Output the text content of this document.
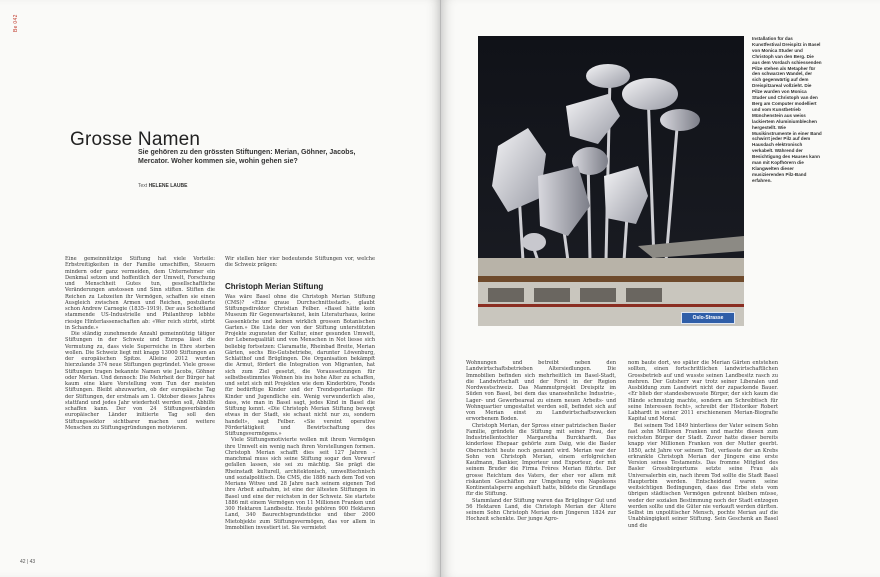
Be 042
Grosse Namen
Sie gehören zu den grössten Stiftungen: Merian, Göhner, Jacobs, Mercator. Woher kommen sie, wohin gehen sie?
Text HELENE LAUBE

Eine gemeinnützige Stiftung hat viele Vorteile: Erbstreitigkeiten in der Familie umschiffen, Steuern mindern oder ganz vermeiden, dem Unternehmer ein Denkmal setzen und hoffentlich der Umwelt, Forschung und Menschheit Gutes tun, gesellschaftliche Veränderungen anstossen und Sinn stiften. Stiften die Reichen zu Lebzeiten ihr Vermögen, schaffen sie einen Ausgleich zwischen Armen und Reichen, postulierte schon Andrew Carnegie (1835–1919). Der aus Schottland stammende US-Industrielle und Philanthrop lebhte riesige Hinterlassenschaften ab: «Wer reich stirbt, stirbt in Schande.»

Die ständig zunehmende Anzahl gemeinnützig tätiger Stiftungen in der Schweiz und Europa lässt die Vermutung zu, dass viele Superreiche in Ehre sterben wollen. Die Schweiz liegt mit knapp 13000 Stiftungen an der europäischen Spitze. Alleine 2012 wurden hierzulande 374 neue Stiftungen gegründet. Viele grosse Stiftungen tragen bekannte Namen wie Jacobs, Göhner oder Merian. Und dennoch: Die Mehrheit der Bürger hat kaum eine klare Vorstellung vom Tun der meisten Stiftungen. Bleibt abzuwarten, ob der europäische Tag der Stiftungen, der erstmals am 1. Oktober dieses Jahres stattfand und jedes Jahr wiederholt werden soll, Abhilfe schaffen kann. Der von 24 Stiftungsverbänden europäischer Länder initiierte Tag soll den Stiftungssektor sichtbarer machen und weitere Menschen zu Stiftungsgründungen motivieren.

Wir stellen hier vier bedeutende Stiftungen vor, welche die Schweiz prägen:

Christoph Merian Stiftung

Was wäre Basel ohne die Christoph Merian Stiftung (CMS)? «Eine graue Durchschnittsstadt», glaubt Stiftungsdirektor Christian Felber. «Basel hätte kein Museum für Gegenwartskunst, kein Literaturhaus, keine Gassenküche und keinen wirklich grossen Botanischen Garten.» Die Liste der von der Stiftung unterstützten Projekte zugunsten der Kultur, einer gesunden Umwelt, der Lebensqualität und von Menschen in Not liesse sich beliebig fortsetzen: Claramatte, Rheinbad Breite, Merian Gärten, sechs Bio-Gutsbetriebe, darunter Löwenburg, Schlatthof und Brüglingen. Die Organisation bekämpft die Armut, fördert die Integration von Migranten, hat sich zum Ziel gesetzt, die Voraussetzungen für selbstbestimmtes Wohnen bis ins hohe Alter zu schaffen, und setzt sich mit Projekten wie dem Kinderbüro, Fonds für bedürftige Kinder und der Trendsportanlage für Kinder und Jugendliche ein. Wenig verwunderlich also, dass, wie man in Basel sagt, jedes Kind in Basel die Stiftung kennt. «Die Christoph Merian Stiftung bewegt etwas in der Stadt, sie schaut nicht nur zu, sondern handelt», sagt Felber. «Sie vereint operative Fördertätigkeit und Bewirtschaftung des Stiftungsvermögens.»

Viele Stiftungsmotivierte wollen mit ihrem Vermögen ihre Umwelt ein wenig nach ihren Vorstellungen formen. Christoph Merian schafft dies seit 127 Jahren – manchmal muss sich seine Stiftung sogar den Vorwurf gefallen lassen, sie sei zu mächtig. Sie prägt die Rheinstadt kulturell, architektonisch, umwelttechnisch und sozialpolitisch. Die CMS, die 1886 nach dem Tod von Merians Witwe und 28 Jahre nach seinem eigenen Tod ihre Arbeit aufnahm, ist eine der ältesten Stiftungen in Basel und eine der reichsten in der Schweiz. Sie startete 1886 mit einem Vermögen von 11 Millionen Franken und 300 Hektaren Landbesitz. Heute gehören 900 Hektaren Land, 340 Baurechtsgrundstücke und über 2000 Mietobjekte zum Stiftungsvermögen, das vor allem in Immobilien investiert ist. Sie vermietet

42 | 43
Oslo-Strasse
Installation für das Kunstfestival Dreispitz in Basel von Monica Studer und Christoph van den Berg. Die aus dem Vordach schiessenden Pilze stehen als Metapher für den schwarzen Wandel, der sich gegenwärtig auf dem Dreispitzareal vollzieht. Die Pilze wurden von Monica Studer und Christoph van den Berg am Computer modelliert und vom Kunstbetrieb Münchenstein aus weiss lackiertem Aluminiumblechen hergestellt. Wie Musikinstrumente in einer Band schwirrt jeder Pilz auf dem Hausdach elektronisch verkabelt. Während der Besichtigung des Hauses kann man mit Kopfhörern die Klangwelten dieser musizierenden Pilz-Band erfahren.

Wohnungen und betreibt neben den Landwirtschaftsbetrieben Altersiedlungen. Die Immobilien befinden sich mehrheitlich im Basel-Stadt, die Landwirtschaft und der Forst in der Region Nordwestschweiz. Das Mammutprojekt Dreispitz im Süden von Basel, bei dem das unansehnliche Industrie-, Lager- und Gewerbeareal zu einem neuen Arbeits- und Wohnquartier umgestaltet werden soll, befindet sich auf von Merian einst zu Landwirtschaftszwecken erworbenem Boden.

Christoph Merian, der Spross einer patrizischen Basler Familie, gründete die Stiftung mit seiner Frau, der Industriellentochter Margaretha Burckhardt. Das kinderlose Ehepaar gehörte zum Daig, wie die Basler Oberschicht heute noch genannt wird. Merian war der Sohn von Christoph Merian, einem erfolgreichen Kaufmann, Bankier, Importeur und Exporteur, der mit seinem Bruder die Firma Frères Merian führte. Der grosse Reichtum des Vaters, der eher vor allem mit riskanten Geschäften zur Umgehung von Napoleons Kontinentalsperre angehäuft hatte, bildete die Grundlage für die Stiftung.

Stammland der Stiftung waren das Brüglinger Gut und 56 Hektaren Land, die Christoph Merian der Ältere seinem Sohn Christoph Merian dem Jüngeren 1824 zur Hochzeit schenkte. Der junge Agro-

nom baute dort, wo später die Merian Gärten entstehen sollten, einen fortschrittlichen landwirtschaftlichen Grossbetrieb auf und wusste seinen Landbesitz rasch zu mehren. Der Gutsherr war trotz seiner Liberalen und Ausbildung zum Landwirt nicht der zupackende Bauer. «Er blieb der standesbewusste Bürger, der sich kaum die Hände schmutzig machte, sondern am Schreibtisch für seine Interessen focht», schreibt der Historiker Robert Labhardt in seiner 2011 erschienenen Merian-Biografie Kapital und Moral.

Bei seinem Tod 1849 hinterliess der Vater seinem Sohn fast zehn Millionen Franken und machte diesen zum reichsten Bürger der Stadt. Zuvor hatte dieser bereits knapp vier Millionen Franken von der Mutter geerbt. 1850, acht Jahre vor seinem Tod, verfasste der an Krebs erkrankte Christoph Merian der Jüngere eine erste Version seines Testaments. Das fromme Mitglied des Basler Grossbürgertums setzte seine Frau als Universalerbin ein, nach ihrem Tod sollte die Stadt Basel Haupterbin werden. Entscheidend waren seine weitsichtigen Bedingungen, dass das Erbe stets vom übrigen städtischen Vermögen getrennt bleiben müsse, weder der sozialen Bestimmung noch der Stadt entzogen werden sollte und die Güter nie verkauft werden dürften. Selbst im unpolitischer Mensch, pochte Merian auf die Unabhängigkeit seiner Stiftung. Sein Geschenk an Basel und die
